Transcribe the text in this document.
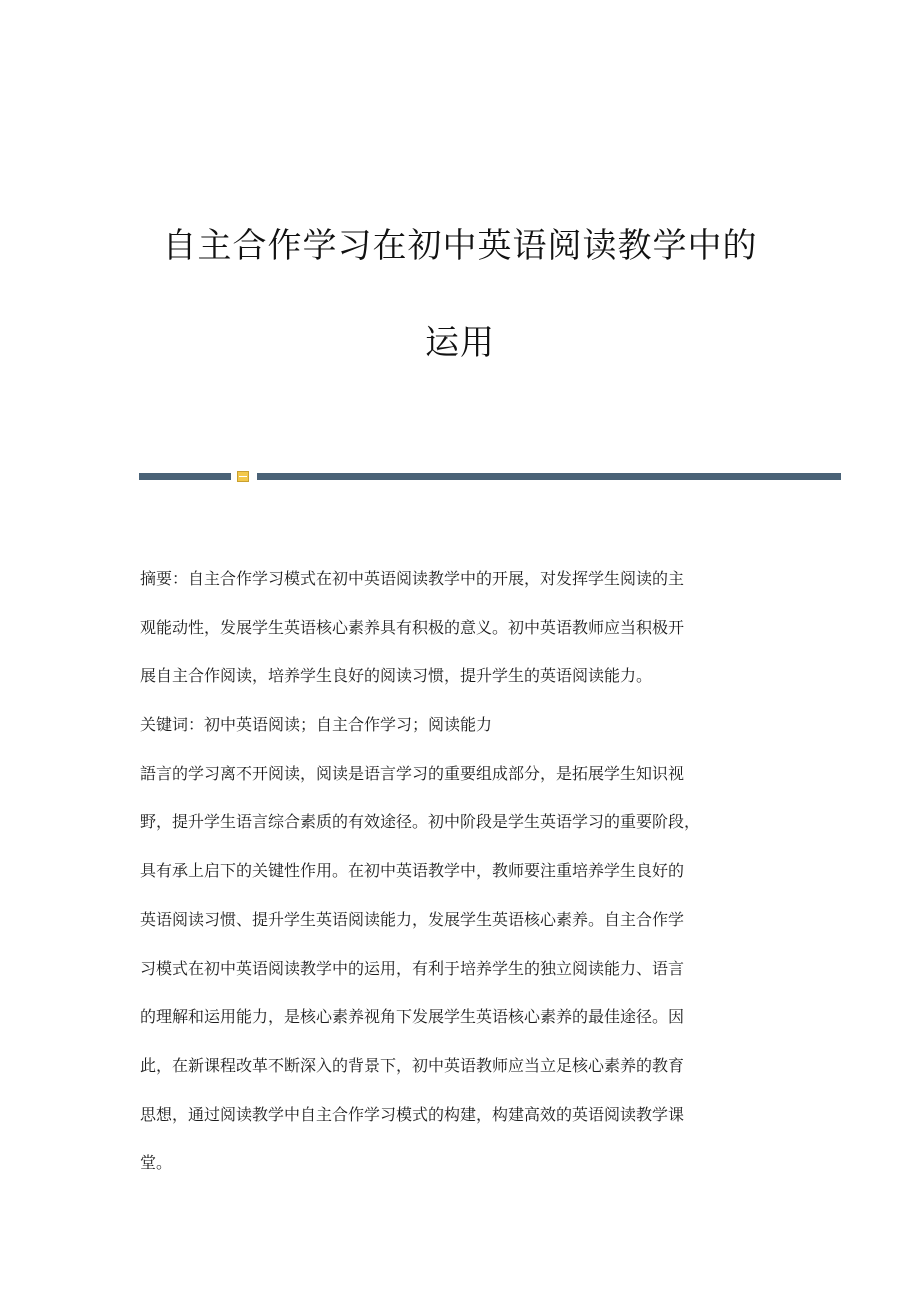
自主合作学习在初中英语阅读教学中的
运用
摘要：自主合作学习模式在初中英语阅读教学中的开展，对发挥学生阅读的主
观能动性，发展学生英语核心素养具有积极的意义。初中英语教师应当积极开
展自主合作阅读，培养学生良好的阅读习惯，提升学生的英语阅读能力。
关键词：初中英语阅读；自主合作学习；阅读能力
語言的学习离不开阅读，阅读是语言学习的重要组成部分，是拓展学生知识视
野，提升学生语言综合素质的有效途径。初中阶段是学生英语学习的重要阶段，
具有承上启下的关键性作用。在初中英语教学中，教师要注重培养学生良好的
英语阅读习惯、提升学生英语阅读能力，发展学生英语核心素养。自主合作学
习模式在初中英语阅读教学中的运用，有利于培养学生的独立阅读能力、语言
的理解和运用能力，是核心素养视角下发展学生英语核心素养的最佳途径。因
此，在新课程改革不断深入的背景下，初中英语教师应当立足核心素养的教育
思想，通过阅读教学中自主合作学习模式的构建，构建高效的英语阅读教学课
堂。
